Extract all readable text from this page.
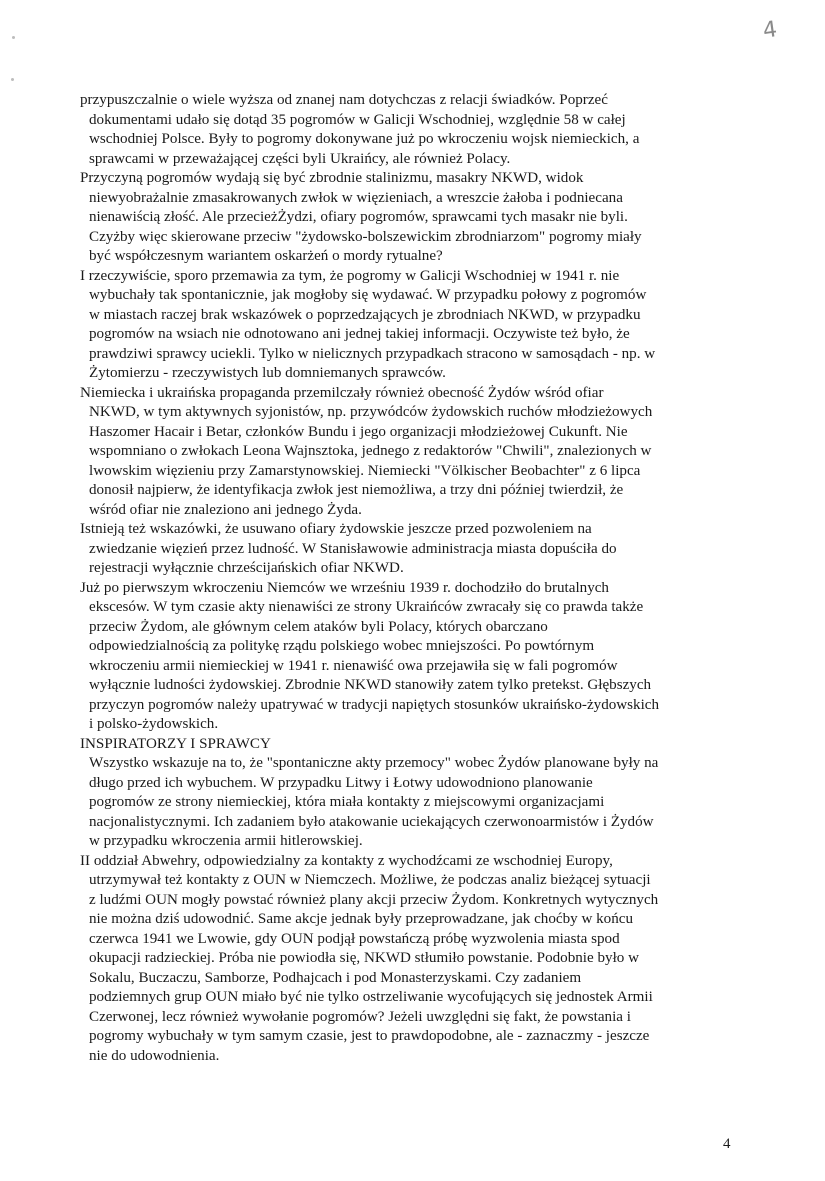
4
przypuszczalnie o wiele wyższa od znanej nam dotychczas z relacji świadków. Poprzeć
dokumentami udało się dotąd 35 pogromów w Galicji Wschodniej, względnie 58 w całej
wschodniej Polsce. Były to pogromy dokonywane już po wkroczeniu wojsk niemieckich, a
sprawcami w przeważającej części byli Ukraińcy, ale również Polacy.
Przyczyną pogromów wydają się być zbrodnie stalinizmu, masakry NKWD, widok
niewyobrażalnie zmasakrowanych zwłok w więzieniach, a wreszcie żałoba i podniecana
nienawiścią złość. Ale przecieżŻydzi, ofiary pogromów, sprawcami tych masakr nie byli.
Czyżby więc skierowane przeciw "żydowsko-bolszewickim zbrodniarzom" pogromy miały
być współczesnym wariantem oskarżeń o mordy rytualne?
I rzeczywiście, sporo przemawia za tym, że pogromy w Galicji Wschodniej w 1941 r. nie
wybuchały tak spontanicznie, jak mogłoby się wydawać. W przypadku połowy z pogromów
w miastach raczej brak wskazówek o poprzedzających je zbrodniach NKWD, w przypadku
pogromów na wsiach nie odnotowano ani jednej takiej informacji. Oczywiste też było, że
prawdziwi sprawcy uciekli. Tylko w nielicznych przypadkach stracono w samosądach - np. w
Żytomierzu - rzeczywistych lub domniemanych sprawców.
Niemiecka i ukraińska propaganda przemilczały również obecność Żydów wśród ofiar
NKWD, w tym aktywnych syjonistów, np. przywódców żydowskich ruchów młodzieżowych
Haszomer Hacair i Betar, członków Bundu i jego organizacji młodzieżowej Cukunft. Nie
wspomniano o zwłokach Leona Wajnsztoka, jednego z redaktorów "Chwili", znalezionych w
lwowskim więzieniu przy Zamarstynowskiej. Niemiecki "Völkischer Beobachter" z 6 lipca
donosił najpierw, że identyfikacja zwłok jest niemożliwa, a trzy dni później twierdził, że
wśród ofiar nie znaleziono ani jednego Żyda.
Istnieją też wskazówki, że usuwano ofiary żydowskie jeszcze przed pozwoleniem na
zwiedzanie więzień przez ludność. W Stanisławowie administracja miasta dopuściła do
rejestracji wyłącznie chrześcijańskich ofiar NKWD.
Już po pierwszym wkroczeniu Niemców we wrześniu 1939 r. dochodziło do brutalnych
ekscesów. W tym czasie akty nienawiści ze strony Ukraińców zwracały się co prawda także
przeciw Żydom, ale głównym celem ataków byli Polacy, których obarczano
odpowiedzialnością za politykę rządu polskiego wobec mniejszości. Po powtórnym
wkroczeniu armii niemieckiej w 1941 r. nienawiść owa przejawiła się w fali pogromów
wyłącznie ludności żydowskiej. Zbrodnie NKWD stanowiły zatem tylko pretekst. Głębszych
przyczyn pogromów należy upatrywać w tradycji napiętych stosunków ukraińsko-żydowskich
i polsko-żydowskich.
INSPIRATORZY I SPRAWCY
Wszystko wskazuje na to, że "spontaniczne akty przemocy" wobec Żydów planowane były na
długo przed ich wybuchem. W przypadku Litwy i Łotwy udowodniono planowanie
pogromów ze strony niemieckiej, która miała kontakty z miejscowymi organizacjami
nacjonalistycznymi. Ich zadaniem było atakowanie uciekających czerwonoarmistów i Żydów
w przypadku wkroczenia armii hitlerowskiej.
II oddział Abwehry, odpowiedzialny za kontakty z wychodźcami ze wschodniej Europy,
utrzymywał też kontakty z OUN w Niemczech. Możliwe, że podczas analiz bieżącej sytuacji
z ludźmi OUN mogły powstać również plany akcji przeciw Żydom. Konkretnych wytycznych
nie można dziś udowodnić. Same akcje jednak były przeprowadzane, jak choćby w końcu
czerwca 1941 we Lwowie, gdy OUN podjął powstańczą próbę wyzwolenia miasta spod
okupacji radzieckiej. Próba nie powiodła się, NKWD stłumiło powstanie. Podobnie było w
Sokalu, Buczaczu, Samborze, Podhajcach i pod Monasterzyskami. Czy zadaniem
podziemnych grup OUN miało być nie tylko ostrzeliwanie wycofujących się jednostek Armii
Czerwonej, lecz również wywołanie pogromów? Jeżeli uwzględni się fakt, że powstania i
pogromy wybuchały w tym samym czasie, jest to prawdopodobne, ale - zaznaczmy - jeszcze
nie do udowodnienia.
4
